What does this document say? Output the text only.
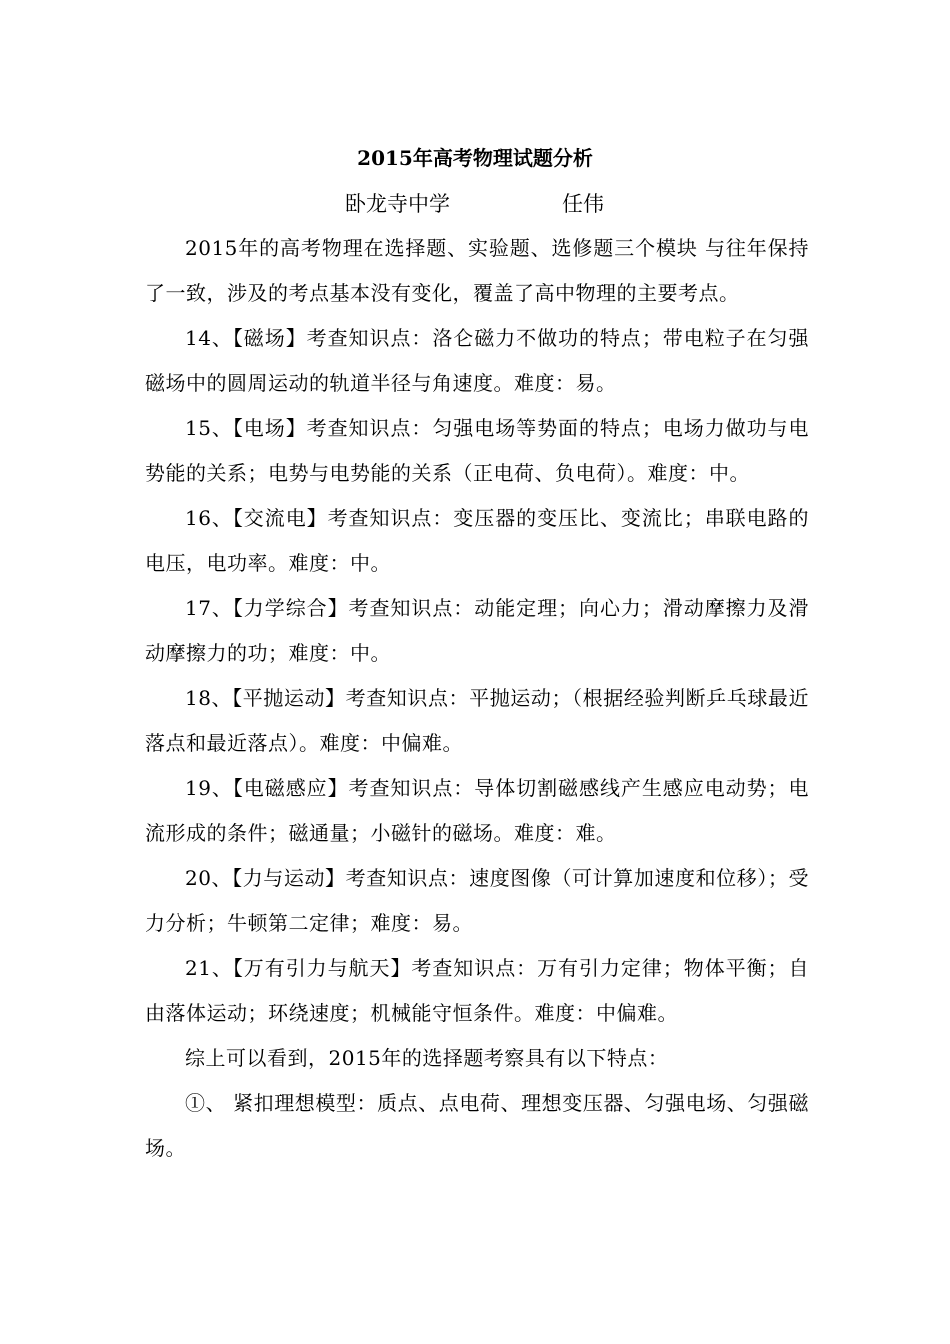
2015年高考物理试题分析
卧龙寺中学	任伟

2015年的高考物理在选择题、实验题、选修题三个模块 与往年保持了一致，涉及的考点基本没有变化，覆盖了高中物理的主要考点。

14、【磁场】考查知识点：洛仑磁力不做功的特点；带电粒子在匀强磁场中的圆周运动的轨道半径与角速度。难度：易。

15、【电场】考查知识点：匀强电场等势面的特点；电场力做功与电势能的关系；电势与电势能的关系（正电荷、负电荷）。难度：中。

16、【交流电】考查知识点：变压器的变压比、变流比；串联电路的电压，电功率。难度：中。

17、【力学综合】考查知识点：动能定理；向心力；滑动摩擦力及滑动摩擦力的功；难度：中。

18、【平抛运动】考查知识点：平抛运动；（根据经验判断乒乓球最近落点和最近落点）。难度：中偏难。

19、【电磁感应】考查知识点：导体切割磁感线产生感应电动势；电流形成的条件；磁通量；小磁针的磁场。难度：难。

20、【力与运动】考查知识点：速度图像（可计算加速度和位移）；受力分析；牛顿第二定律；难度：易。

21、【万有引力与航天】考查知识点：万有引力定律；物体平衡；自由落体运动；环绕速度；机械能守恒条件。难度：中偏难。

综上可以看到，2015年的选择题考察具有以下特点：

①、 紧扣理想模型：质点、点电荷、理想变压器、匀强电场、匀强磁场。
